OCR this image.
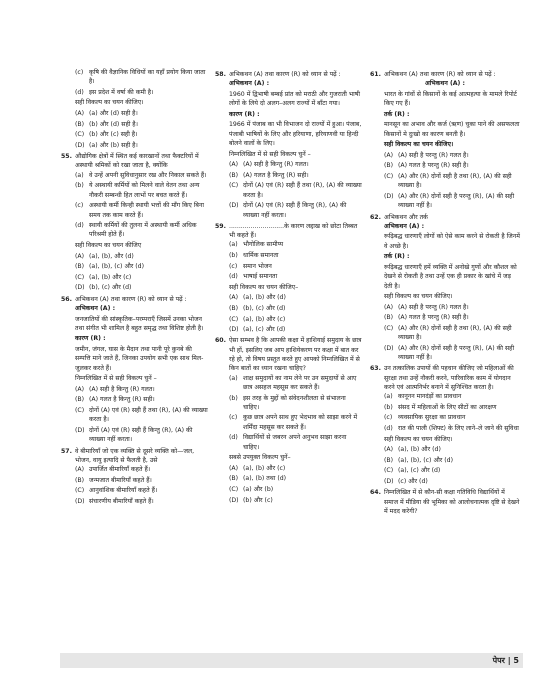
(c) कृषि की वैज्ञानिक विधियों का यहाँ प्रयोग किया जाता है।
(d) इस प्रदेश में वर्षा की कमी है।

सही विकल्प का चयन कीजिए।

(A) (a) और (d) सही है।
(B) (b) और (d) सही है।
(C) (b) और (c) सही है।
(D) (a) और (b) सही है।
55. औद्योगिक क्षेत्रों में स्थित कई कारखानों तथा फैक्टरियों में अस्थायी श्रमिकों को रखा जाता है, क्योंकि
(a) वे उन्हें अपनी सुविधानुसार रख और निकाल सकते हैं।
(b) ये अस्थायी कर्मियों को मिलने वाले वेतन तथा अन्य नौकरी सम्बन्धी हित लाभों पर बचत करते हैं।
(c) अस्थायी कर्मी किन्ही स्थायी भत्तों की माँग किए बिना समय तक काम करते हैं।
(d) स्थायी कर्मियों की तुलना में अस्थायी कर्मी अधिक परिश्रमी होते हैं।

सही विकल्प का चयन कीजिए

(A) (a), (b), और (d)
(B) (a), (b), (c) और (d)
(C) (a), (b) और (c)
(D) (b), (c) और (d)
56. अभिकथन (A) तथा कारण (R) को ध्यान से पढ़ें :

अभिकथन (A) :

जनजातियों की सांस्कृतिक–परम्पराएँ जिसमें उनका भोजन तथा संगीत भी शामिल है बहुत समृद्ध तथा विशिष्ट होती है।

कारण (R) :

जमीन, जंगल, घास के मैदान तथा पानी पूरे कुनबे की सम्पत्ति माने जाते हैं, जिनका उपयोग सभी एक साथ मिल-जुलकर करते हैं।

निम्नलिखित में से सही विकल्प चुनें –

(A) (A) सही है किन्तु (R) गलत।
(B) (A) गलत है किन्तु (R) सही।
(C) दोनों (A) एवं (R) सही हैं तथा (R), (A) की व्याख्या करता है।
(D) दोनों (A) एवं (R) सही हैं किन्तु (R), (A) की व्याख्या नहीं करता।
57. वे बीमारियाँ जो एक व्यक्ति से दूसरे व्यक्ति को—जल, भोजन, वायु इत्यादि से फैलती है, उसे
(A) उपार्जित बीमारियाँ कहते हैं।
(B) जन्मजात बीमारियाँ कहते हैं।
(C) आनुवांशिक बीमारियाँ कहते हैं।
(D) संचारणीय बीमारियाँ कहते हैं।
58. अभिकथन (A) तथा कारण (R) को ध्यान से पढ़ें :

अभिकथन (A) :

1960 में द्विभाषी बम्बई प्रांत को मराठी और गुजराती भाषी लोगों के लिये दो अलग–अलग राज्यों में बाँटा गया।

कारण (R) :

1966 में पंजाब का भी विभाजन दो राज्यों में हुआ। पंजाब, पंजाबी भाषियों के लिए और हरियाणा, हरियाणवी या हिन्दी बोलने वालों के लिए।

निम्नलिखित में से सही विकल्प चुनें –

(A) (A) सही है किन्तु (R) गलत।
(B) (A) गलत है किन्तु (R) सही।
(C) दोनों (A) एवं (R) सही हैं तथा (R), (A) की व्याख्या करता है।
(D) दोनों (A) एवं (R) सही हैं किन्तु (R), (A) की व्याख्या नहीं करता।
59. ............................के कारण लद्दाख को छोटा तिब्बत भी कहते हैं।
(a) भौगोलिक सामीप्य
(b) धार्मिक समानता
(c) समान भोजन
(d) भाषाई समानता

सही विकल्प का चयन कीजिए–

(A) (a), (b) और (d)
(B) (b), (c) और (d)
(C) (a), (b) और (c)
(D) (a), (c) और (d)
60. ऐसा सम्भव है कि आपकी कक्षा में हाशियाई समुदाय के छात्र भी हों, इसलिए जब आप हाशियेकरण पर कक्षा में बात कर रहे हो, तो विषय प्रस्तुत करते हुए आपको निम्नलिखित में से किन बातों का ध्यान रखना चाहिए?
(a) शाक्ष समुदायों का नाम लेने पर उन समुदायों से आए छात्र असहज महसूस कर सकते हैं।
(b) इस तरह के मुद्दों को संवेदनशीलता से संभालना चाहिए।
(c) कुछ छात्र अपने साथ हुए भेदभाव को साझा करने में शर्मिंदा महसूस कर सकते हैं।
(d) विद्यार्थियों से जबरन अपने अनुभव साझा करना चाहिए।

सबसे उपयुक्त विकल्प चुनें–

(A) (a), (b) और (c)
(B) (a), (b) तथा (d)
(C) (a) और (b)
(D) (b) और (c)
61. अभिकथन (A) तथा कारण (R) को ध्यान से पढ़ें :

अभिकथन (A) :

भारत के गांवों से किसानों के कई आत्महत्या के मामले रिपोर्ट किए गए हैं।

तर्क (R) :

मानसून का अभाव और कर्ज (ऋण) चुका पाने की असफलता किसानों मे दुःखो का कारण बनती है।

सही विकल्प का चयन कीजिए।

(A) (A) सही है परन्तु (R) गलत है।
(B) (A) गलत है परन्तु (R) सही है।
(C) (A) और (R) दोनों सही है तथा (R), (A) की सही व्याख्या है।
(D) (A) और (R) दोनों सही है परन्तु (R), (A) की सही व्याख्या नहीं है।
62. अभिकथन और तर्क

अभिकथन (A) :

रूढ़िबद्ध धारणाएँ लोगों को ऐसे काम करने से रोकती है जिनमें वे अच्छे है।

तर्क (R) :

रूढ़िबद्ध धारणाएँ हमें व्यक्ति में अनोखे गुणों और कौशल को देखने से रोकती है तथा उन्हें एक ही प्रकार के खांचे में जड़ देती है।

सही विकल्प का चयन कीजिए।

(A) (A) सही है परन्तु (R) गलत है।
(B) (A) गलत है परन्तु (R) सही है।
(C) (A) और (R) दोनों सही है तथा (R), (A) की सही व्याख्या है।
(D) (A) और (R) दोनों सही है परन्तु (R), (A) की सही व्याख्या नहीं है।
63. उन तत्कालिक उपायों की पहचान कीजिए जो महिलाओं की सुरक्षा तथा उन्हें नौकरी करने, पारिवारिक काम में योगदान करने एवं आत्मनिर्भर बनाने में सुनिश्चित करता है।
(a) कानूनन मानदंड़ों का प्रावधान
(b) संसद में महिलाओं के लिए सीटों का आरक्षण
(c) व्यवसायिक सुरक्षा का प्रावधान
(d) रात की पाली (शिफ्ट) के लिए लाने–ले जाने की सुविधा

सही विकल्प का चयन कीजिए।

(A) (a), (b) और (d)
(B) (a), (b), (c) और (d)
(C) (a), (c) और (d)
(D) (c) और (d)
64. निम्नलिखित में से कौन-सी कक्षा गतिविधि विद्यार्थियों में समाज में मीडिया की भूमिका को आलोचनात्मक दृष्टि से देखने में मदद करेगी?
पेपर | 5
